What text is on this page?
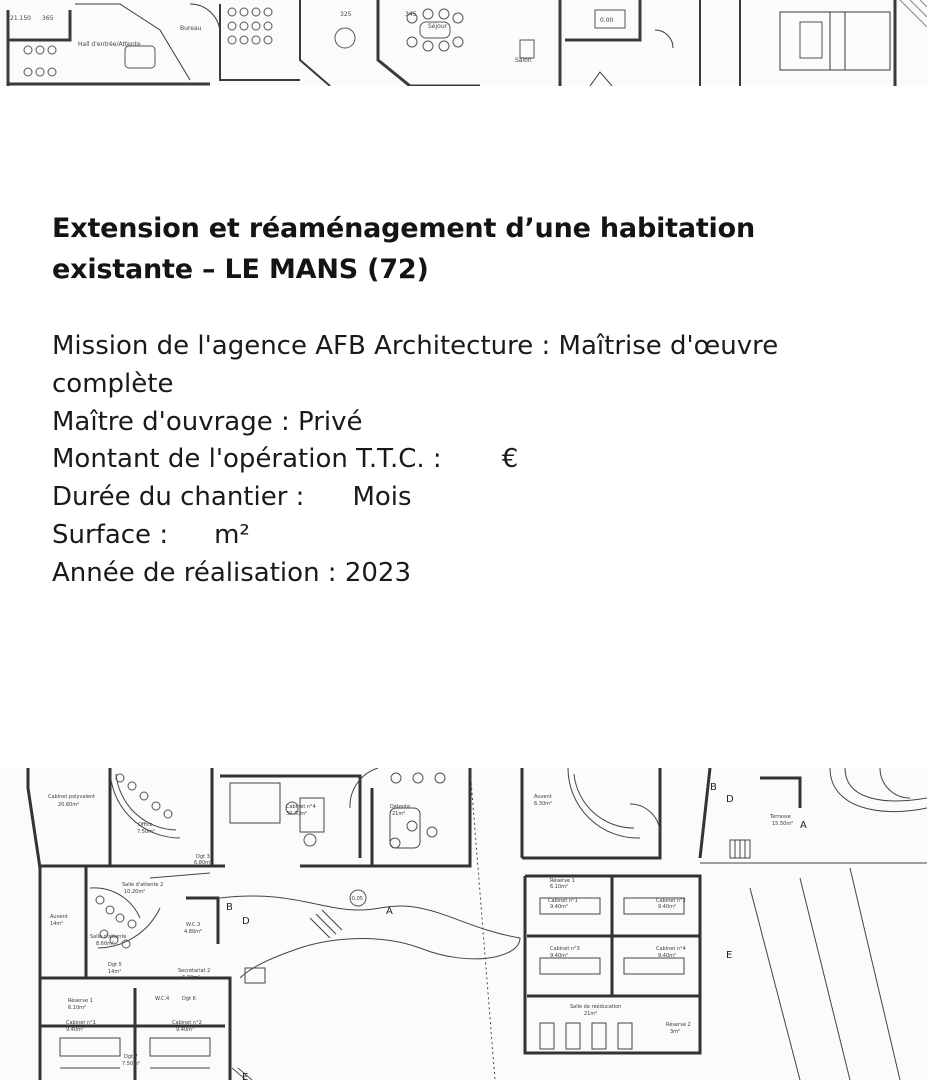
21.150 365
Hall d'entrée/Attente
Bureau
325	345
Séjour
Salon
0.00
Extension et réaménagement d’une habitation existante – LE MANS (72)
Mission de l'agence AFB Architecture : Maîtrise d'œuvre complète
Maître d'ouvrage : Privé
Montant de l'opération T.T.C. : €
Durée du chantier : Mois
Surface : m²
Année de réalisation : 2023
Cabinet polyvalent
20.60m²
Office
7.50m²
Dgt 3
6.80m²
Cabinet n°4
30.30m²
Détente
21m²
Salle d'attente 2
10.20m²
Auvent
14m²
Salle d'attente
8.60m²
W.C.3
4.80m²
Dgt 5
14m²	Secrétariat 2
6.30m²
Réserve 1
6.10m²
W.C.4	Dgt 6
Cabinet n°1
9.40m²
Cabinet n°2
9.40m²
Dgt 7
7.50m²
-0.05
Auvent
6.30m²
Réserve 1
6.10m²
Cabinet n°1
9.40m²
Cabinet n°2
9.40m²
Cabinet n°3
9.40m²
Cabinet n°4
9.40m²
Salle de rééducation
21m²
Réserve 2
3m²
Terrasse
15.50m²
A
B
D
E
A
B
D
E
